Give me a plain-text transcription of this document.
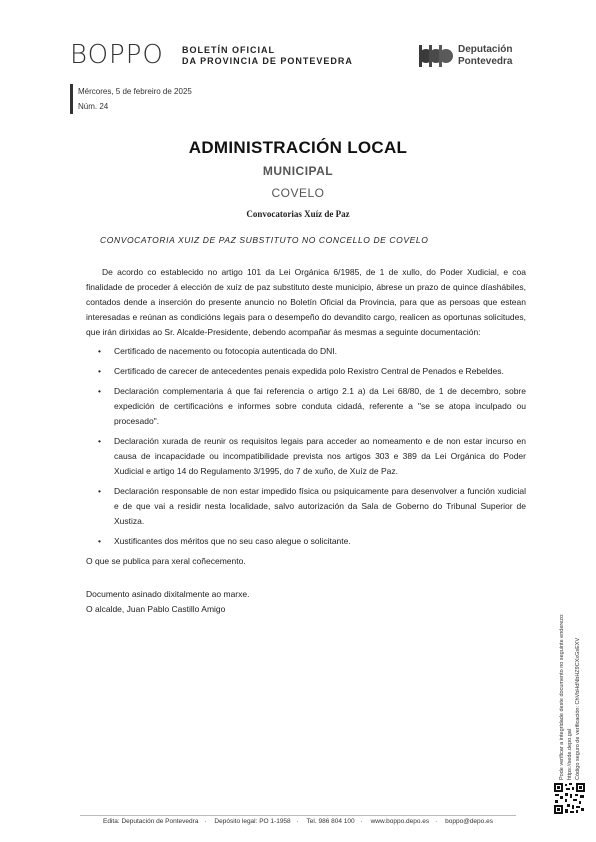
BOPPO BOLETÍN OFICIAL
DA PROVINCIA DE PONTEVEDRA
Deputación
Pontevedra
Mércores, 5 de febreiro de 2025
Núm. 24
ADMINISTRACIÓN LOCAL
MUNICIPAL
COVELO
Convocatorias Xuíz de Paz
CONVOCATORIA XUIZ DE PAZ SUBSTITUTO NO CONCELLO DE COVELO

De acordo co establecido no artigo 101 da Lei Orgánica 6/1985, de 1 de xullo, do Poder Xudicial, e coa finalidade de proceder á elección de xuíz de paz substituto deste municipio, ábrese un prazo de quince díashábiles, contados dende a inserción do presente anuncio no Boletín Oficial da Provincia, para que as persoas que estean interesadas e reúnan as condicións legais para o desempeño do devandito cargo, realicen as oportunas solicitudes, que irán dirixidas ao Sr. Alcalde-Presidente, debendo acompañar ás mesmas a seguinte documentación:

• Certificado de nacemento ou fotocopia autenticada do DNI.
• Certificado de carecer de antecedentes penais expedida polo Rexistro Central de Penados e Rebeldes.
• Declaración complementaria á que fai referencia o artigo 2.1 a) da Lei 68/80, de 1 de decembro, sobre expedición de certificacións e informes sobre conduta cidadá, referente a "se se atopa inculpado ou procesado".
• Declaración xurada de reunir os requisitos legais para acceder ao nomeamento e de non estar incurso en causa de incapacidade ou incompatibilidade prevista nos artigos 303 e 389 da Lei Orgánica do Poder Xudicial e artigo 14 do Regulamento 3/1995, do 7 de xuño, de Xuíz de Paz.
• Declaración responsable de non estar impedido física ou psiquicamente para desenvolver a función xudicial e de que vai a residir nesta localidade, salvo autorización da Sala de Goberno do Tribunal Superior de Xustiza.
• Xustificantes dos méritos que no seu caso alegue o solicitante.

O que se publica para xeral coñecemento.

Documento asinado dixitalmente ao marxe.
O alcalde, Juan Pablo Castillo Amigo
Pode verificar a integridade deste documento no seguinte enderezo: https://sede.depo.gal Código seguro de verificación: ChVbHdNbHZ9CXxGsEXV
Edita: Deputación de Pontevedra · Depósito legal: PO 1-1958 · Tel. 986 804 100 · www.boppo.depo.es · boppo@depo.es
